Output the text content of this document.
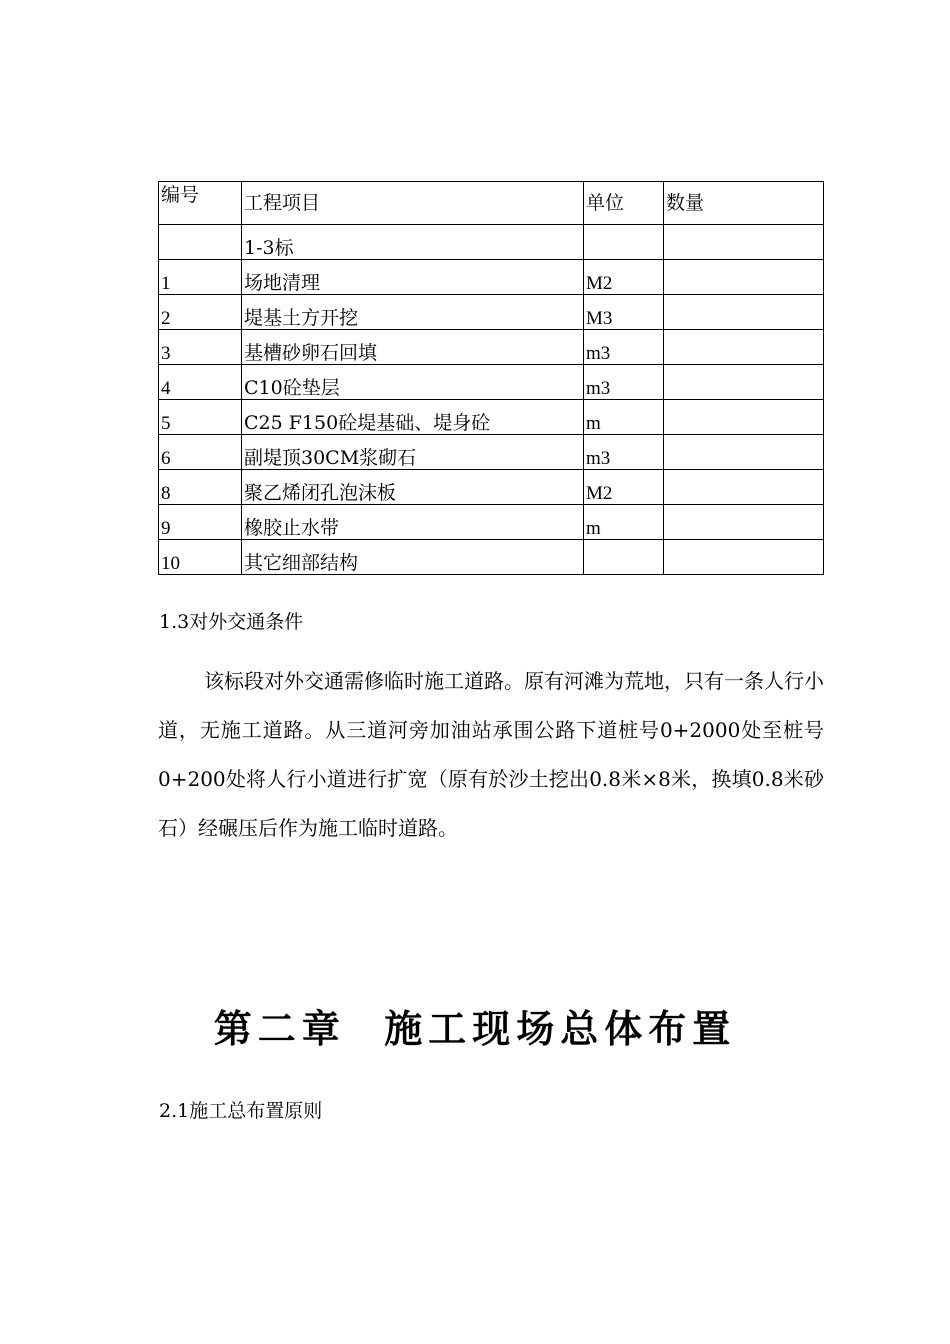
编号	工程项目	单位	数量
	1-3标		
1	场地清理	M2	
2	堤基土方开挖	M3	
3	基槽砂卵石回填	m3	
4	C10砼垫层	m3	
5	C25 F150砼堤基础、堤身砼	m	
6	副堤顶30CM浆砌石	m3	
8	聚乙烯闭孔泡沫板	M2	
9	橡胶止水带	m	
10	其它细部结构		
1.3对外交通条件

该标段对外交通需修临时施工道路。原有河滩为荒地，只有一条人行小道，无施工道路。从三道河旁加油站承围公路下道桩号0+2000处至桩号0+200处将人行小道进行扩宽（原有於沙土挖出0.8米×8米，换填0.8米砂石）经碾压后作为施工临时道路。

第二章  施工现场总体布置
2.1施工总布置原则
